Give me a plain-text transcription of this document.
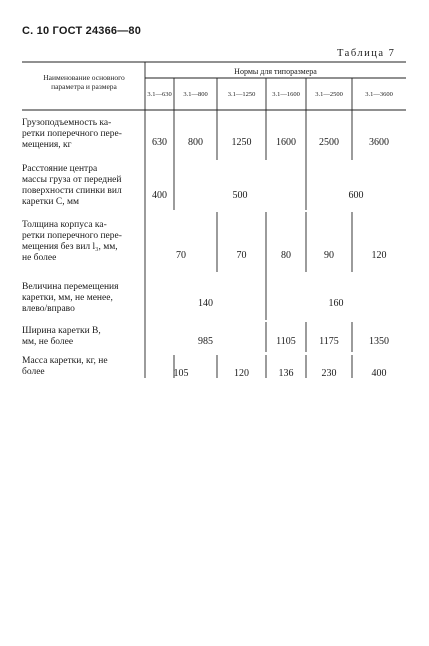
С. 10 ГОСТ 24366—80
Таблица 7
Наименование основного
параметра и размера
Нормы для типоразмера
3.1—630	3.1—800	3.1—1250	3.1—1600	3.1—2500	3.1—3600
Грузоподъемность ка-
ретки поперечного пере-
мещения, кг	630	800	1250	1600	2500	3600
Расстояние центра
массы груза от передней
поверхности спинки вил
каретки C, мм
400	500	600
Толщина корпуса ка-
ретки поперечного пере-
мещения без вил l₃, мм,
не более	70	70	80	90	120
Величина перемещения
каретки, мм, не менее,
влево/вправо	140	160
Ширина каретки B,
мм, не более	985	1105	1175	1350
Масса каретки, кг, не
более	105	120	136	230	400
